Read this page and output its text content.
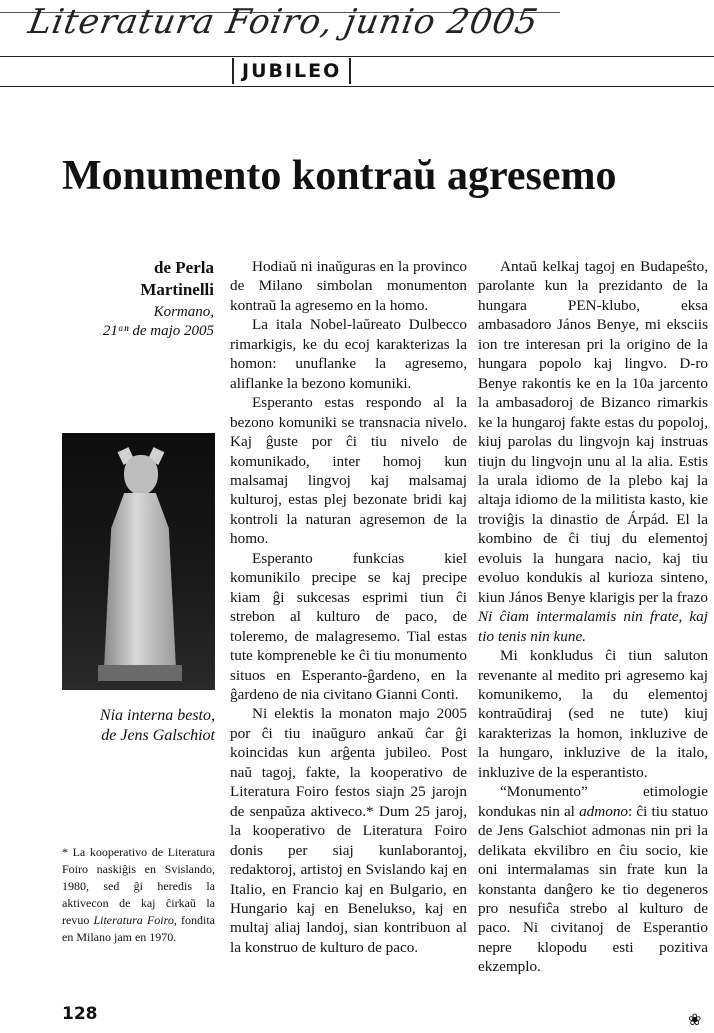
Literatura Foiro, junio 2005
JUBILEO
Monumento kontraŭ agresemo
de Perla
Martinelli
Kormano,
21ᵃⁿ de majo 2005
Nia interna besto,
de Jens Galschiot
* La kooperativo de Literatura Foiro naskiĝis en Svislando, 1980, sed ĝi heredis la aktivecon de kaj ĉirkaŭ la revuo Literatura Foiro, fondita en Milano jam en 1970.
128

Hodiaŭ ni inaŭguras en la provinco de Milano simbolan monumenton kontraŭ la agresemo en la homo.

La itala Nobel-laŭreato Dulbecco rimarkigis, ke du ecoj karakterizas la homon: unuflanke la agresemo, aliflanke la bezono komuniki.

Esperanto estas respondo al la bezono komuniki se transnacia nivelo. Kaj ĝuste por ĉi tiu nivelo de komunikado, inter homoj kun malsamaj lingvoj kaj malsamaj kulturoj, estas plej bezonate bridi kaj kontroli la naturan agresemon de la homo.

Esperanto funkcias kiel komunikilo precipe se kaj precipe kiam ĝi sukcesas esprimi tiun ĉi strebon al kulturo de paco, de toleremo, de malagresemo. Tial estas tute kompreneble ke ĉi tiu monumento situos en Esperanto-ĝardeno, en la ĝardeno de nia civitano Gianni Conti.

Ni elektis la monaton majo 2005 por ĉi tiu inaŭguro ankaŭ ĉar ĝi koincidas kun arĝenta jubileo. Post naŭ tagoj, fakte, la kooperativo de Literatura Foiro festos siajn 25 jarojn de senpaŭza aktiveco.* Dum 25 jaroj, la kooperativo de Literatura Foiro donis per siaj kunlaborantoj, redaktoroj, artistoj en Svislando kaj en Italio, en Francio kaj en Bulgario, en Hungario kaj en Benelukso, kaj en multaj aliaj landoj, sian kontribuon al la konstruo de kulturo de paco.

Antaŭ kelkaj tagoj en Budapeŝto, parolante kun la prezidanto de la hungara PEN-klubo, eksa ambasadoro János Benye, mi eksciis ion tre interesan pri la origino de la hungara popolo kaj lingvo. D-ro Benye rakontis ke en la 10a jarcento la ambasadoroj de Bizanco rimarkis ke la hungaroj fakte estas du popoloj, kiuj parolas du lingvojn kaj instruas tiujn du lingvojn unu al la alia. Estis la urala idiomo de la plebo kaj la altaja idiomo de la militista kasto, kie troviĝis la dinastio de Árpád. El la kombino de ĉi tiuj du elementoj evoluis la hungara nacio, kaj tiu evoluo kondukis al kurioza sinteno, kiun János Benye klarigis per la frazo Ni ĉiam intermalamis nin frate, kaj tio tenis nin kune.

Mi konkludus ĉi tiun saluton revenante al medito pri agresemo kaj komunikemo, la du elementoj kontraŭdiraj (sed ne tute) kiuj karakterizas la homon, inkluzive de la hungaro, inkluzive de la italo, inkluzive de la esperantisto.

“Monumento” etimologie kondukas nin al admono: ĉi tiu statuo de Jens Galschiot admonas nin pri la delikata ekvilibro en ĉiu socio, kie oni intermalamas sin frate kun la konstanta danĝero ke tio degeneros pro nesufiĉa strebo al kulturo de paco. Ni civitanoj de Esperantio nepre klopodu esti pozitiva ekzemplo.

❀
